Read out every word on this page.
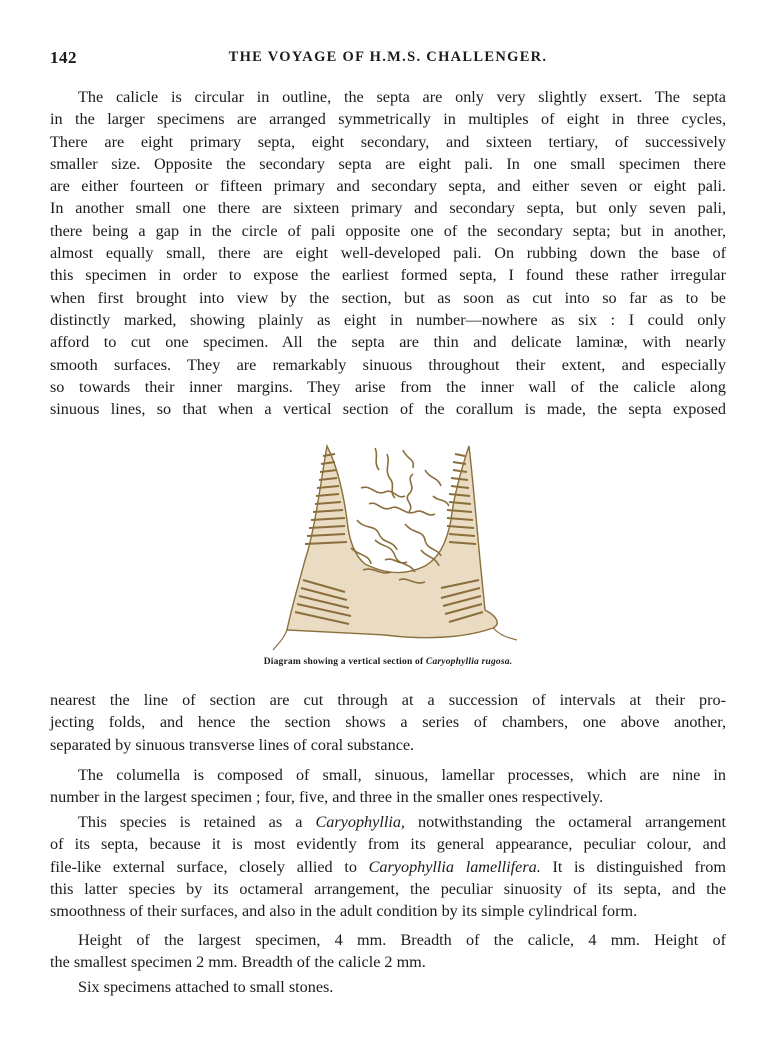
142	THE VOYAGE OF H.M.S. CHALLENGER.
The calicle is circular in outline, the septa are only very slightly exsert. The septa
in the larger specimens are arranged symmetrically in multiples of eight in three cycles,
There are eight primary septa, eight secondary, and sixteen tertiary, of successively
smaller size. Opposite the secondary septa are eight pali. In one small specimen there
are either fourteen or fifteen primary and secondary septa, and either seven or eight pali.
In another small one there are sixteen primary and secondary septa, but only seven pali,
there being a gap in the circle of pali opposite one of the secondary septa; but in another,
almost equally small, there are eight well-developed pali. On rubbing down the base of
this specimen in order to expose the earliest formed septa, I found these rather irregular
when first brought into view by the section, but as soon as cut into so far as to be
distinctly marked, showing plainly as eight in number—nowhere as six : I could only
afford to cut one specimen. All the septa are thin and delicate laminæ, with nearly
smooth surfaces. They are remarkably sinuous throughout their extent, and especially
so towards their inner margins. They arise from the inner wall of the calicle along
sinuous lines, so that when a vertical section of the corallum is made, the septa exposed
Diagram showing a vertical section of Caryophyllia rugosa.
nearest the line of section are cut through at a succession of intervals at their pro-
jecting folds, and hence the section shows a series of chambers, one above another,
separated by sinuous transverse lines of coral substance.
The columella is composed of small, sinuous, lamellar processes, which are nine in
number in the largest specimen ; four, five, and three in the smaller ones respectively.
This species is retained as a Caryophyllia, notwithstanding the octameral arrangement
of its septa, because it is most evidently from its general appearance, peculiar colour, and
file-like external surface, closely allied to Caryophyllia lamellifera. It is distinguished from
this latter species by its octameral arrangement, the peculiar sinuosity of its septa, and the
smoothness of their surfaces, and also in the adult condition by its simple cylindrical form.
Height of the largest specimen, 4 mm. Breadth of the calicle, 4 mm. Height of
the smallest specimen 2 mm. Breadth of the calicle 2 mm.
Six specimens attached to small stones.
